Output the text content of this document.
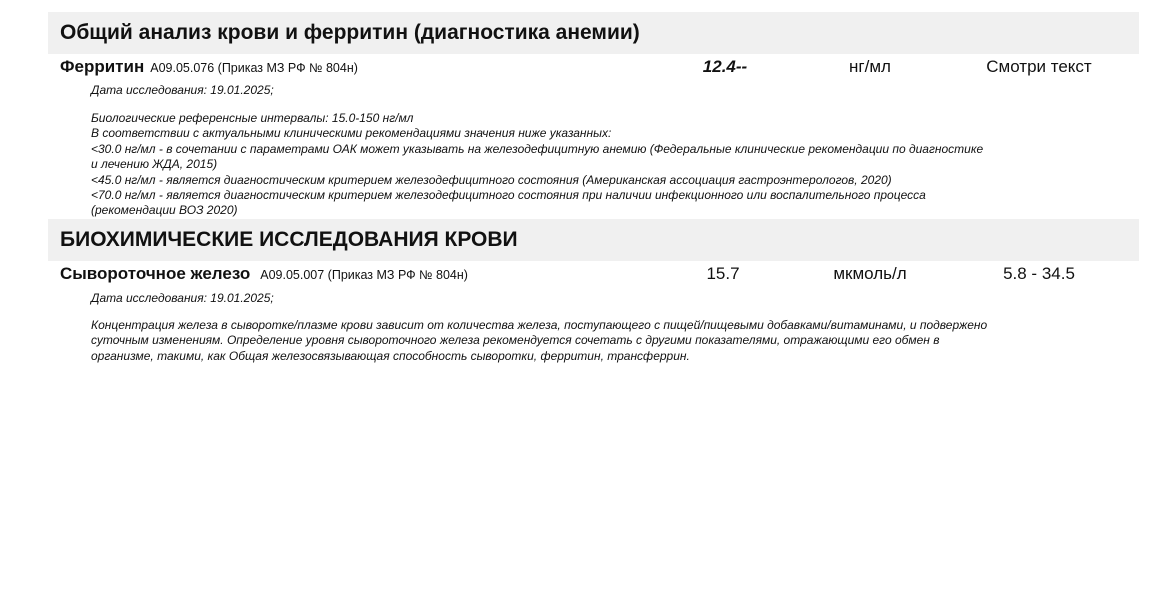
Общий анализ крови и ферритин (диагностика анемии)
Ферритин A09.05.076 (Приказ МЗ РФ № 804н)	12.4--	нг/мл	Смотри текст
Дата исследования: 19.01.2025;
Биологические референсные интервалы: 15.0-150 нг/мл
В соответствии с актуальными клиническими рекомендациями значения ниже указанных:
<30.0 нг/мл - в сочетании с параметрами ОАК может указывать на железодефицитную анемию (Федеральные клинические рекомендации по диагностике
и лечению ЖДА, 2015)
<45.0 нг/мл - является диагностическим критерием железодефицитного состояния (Американская ассоциация гастроэнтерологов, 2020)
<70.0 нг/мл - является диагностическим критерием железодефицитного состояния при наличии инфекционного или воспалительного процесса
(рекомендации ВОЗ 2020)
БИОХИМИЧЕСКИЕ ИССЛЕДОВАНИЯ КРОВИ
Сывороточное железо A09.05.007 (Приказ МЗ РФ № 804н)	15.7	мкмоль/л	5.8 - 34.5
Дата исследования: 19.01.2025;
Концентрация железа в сыворотке/плазме крови зависит от количества железа, поступающего с пищей/пищевыми добавками/витаминами, и подвержено
суточным изменениям. Определение уровня сывороточного железа рекомендуется сочетать с другими показателями, отражающими его обмен в
организме, такими, как Общая железосвязывающая способность сыворотки, ферритин, трансферрин.
